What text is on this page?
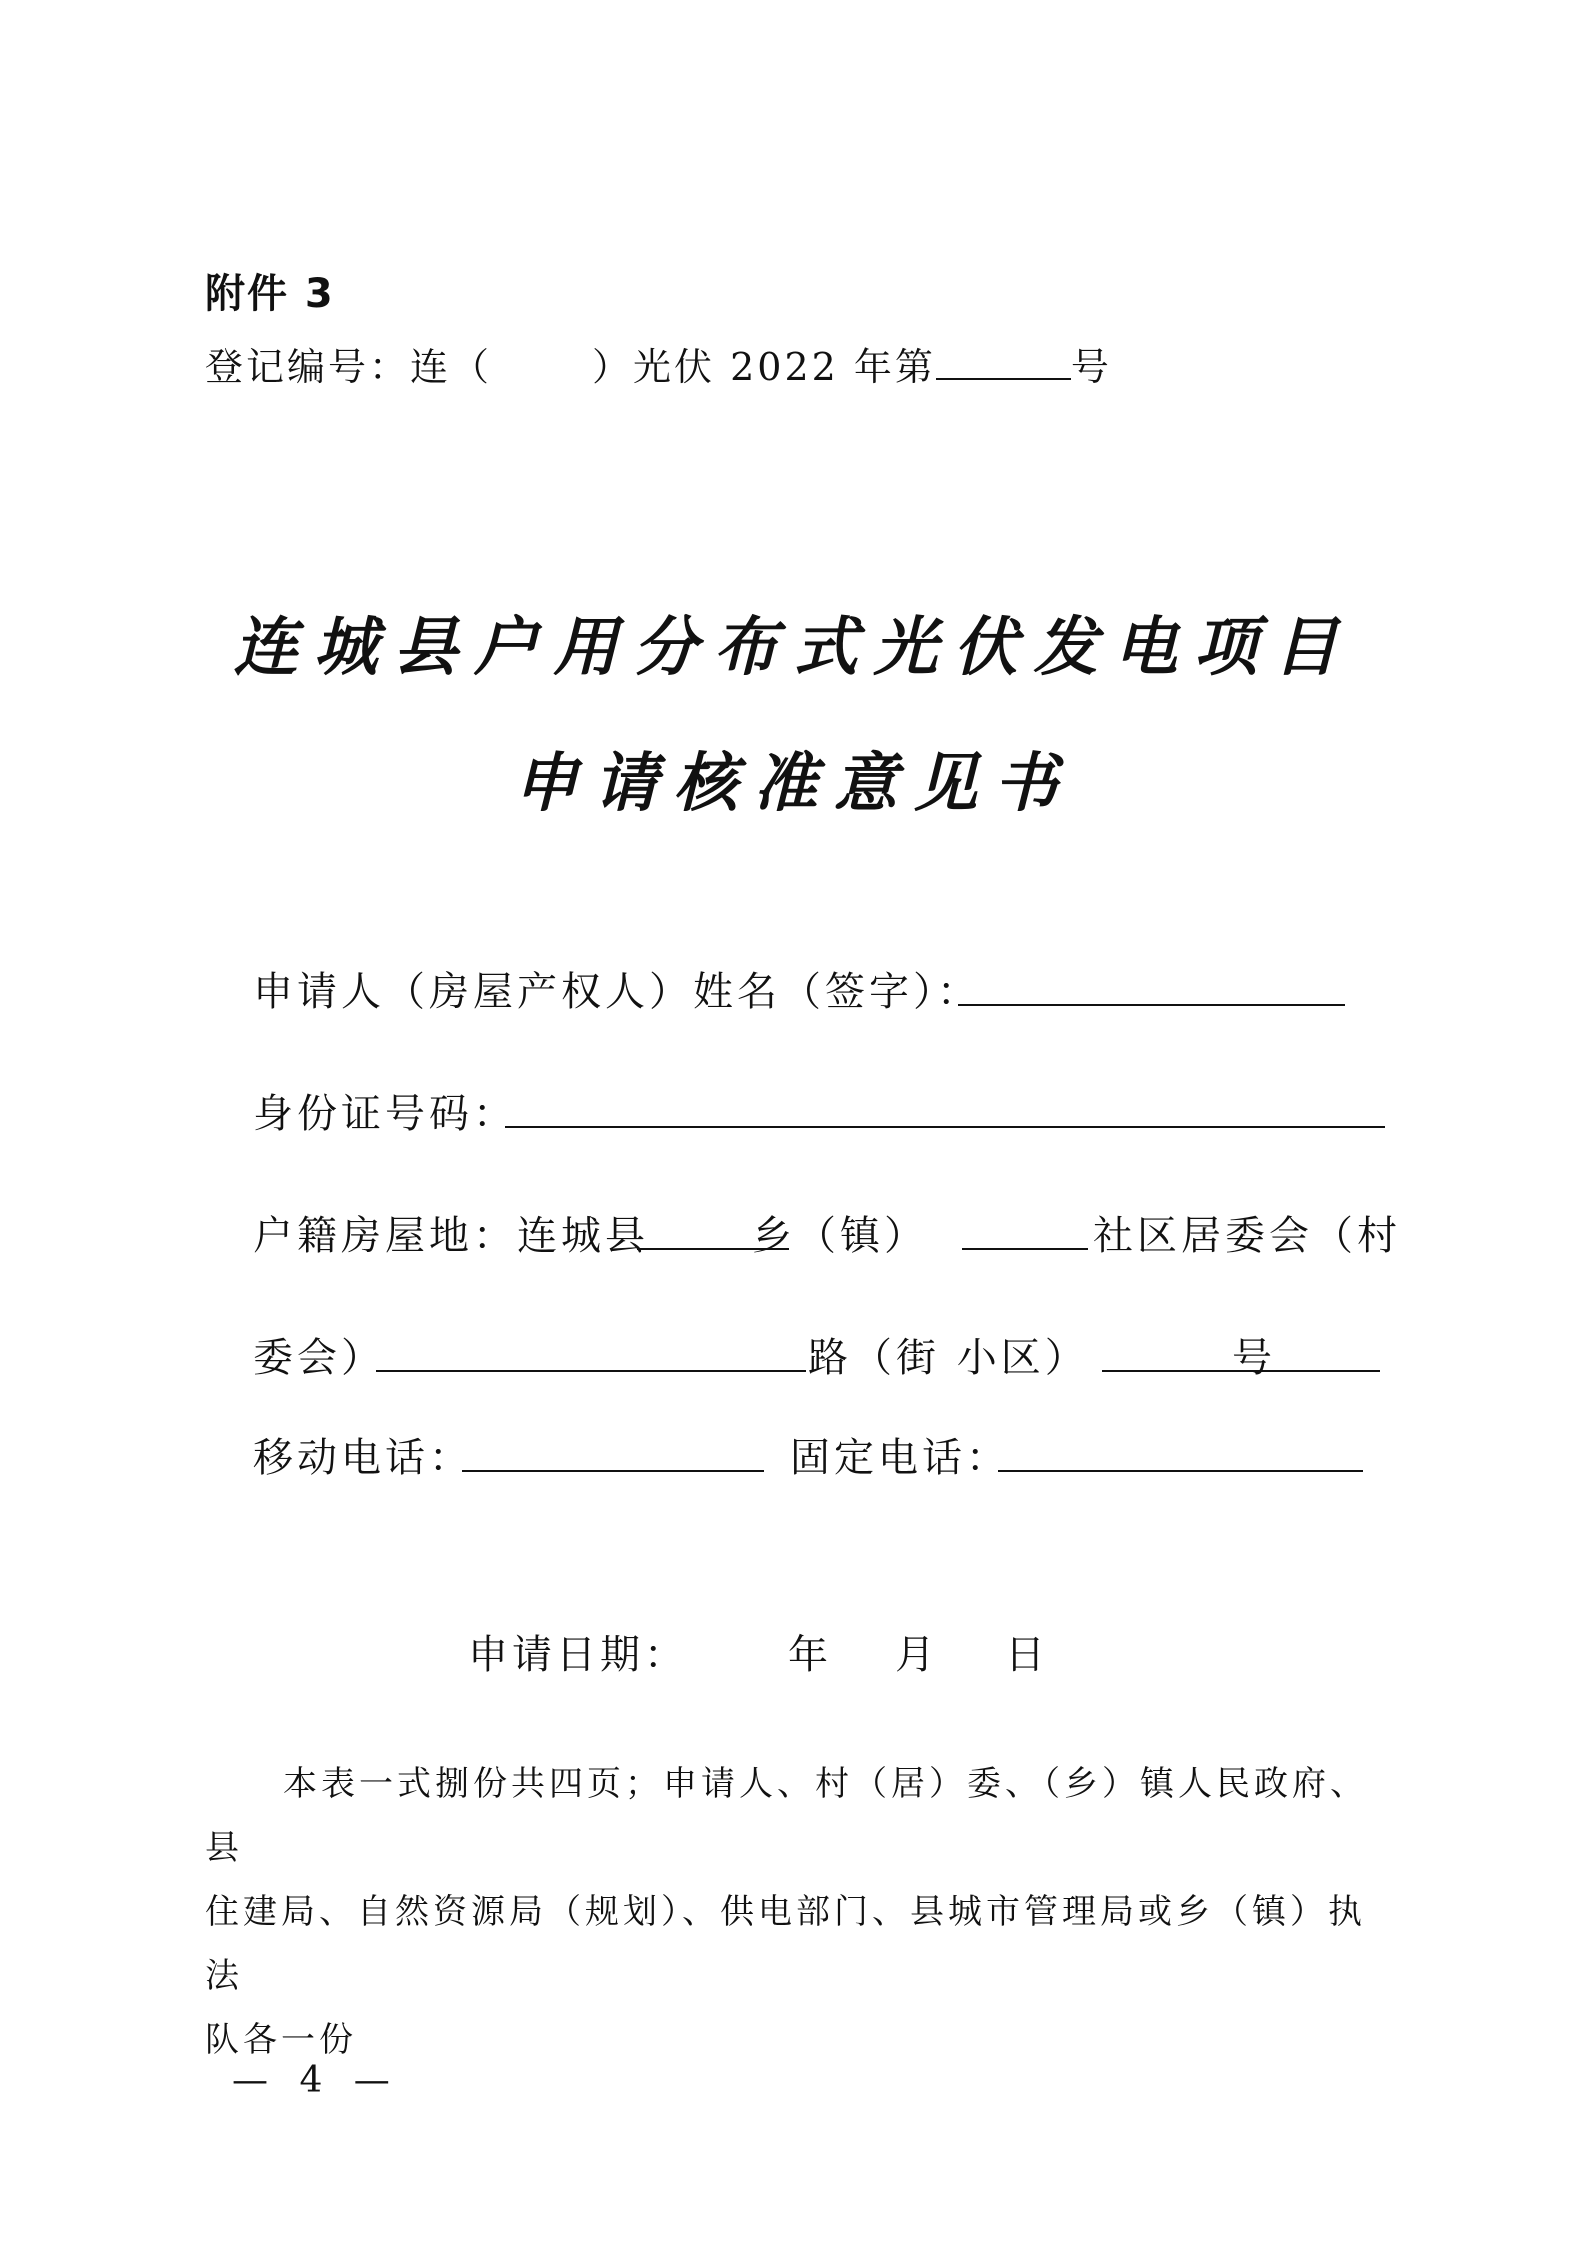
附件 3
登记编号：连（	）光伏 2022 年第	号
连城县户用分布式光伏发电项目
申请核准意见书
申请人（房屋产权人）姓名（签字）：
身份证号码：
户籍房屋地：连城县	乡（镇）	社区居委会（村
委会）	路（街 小区）	号
移动电话：	固定电话：
申请日期：	年 月 日
本表一式捌份共四页；申请人、村（居）委、（乡）镇人民政府、县
住建局、自然资源局（规划）、供电部门、县城市管理局或乡（镇）执法
队各一份
— 4 —
